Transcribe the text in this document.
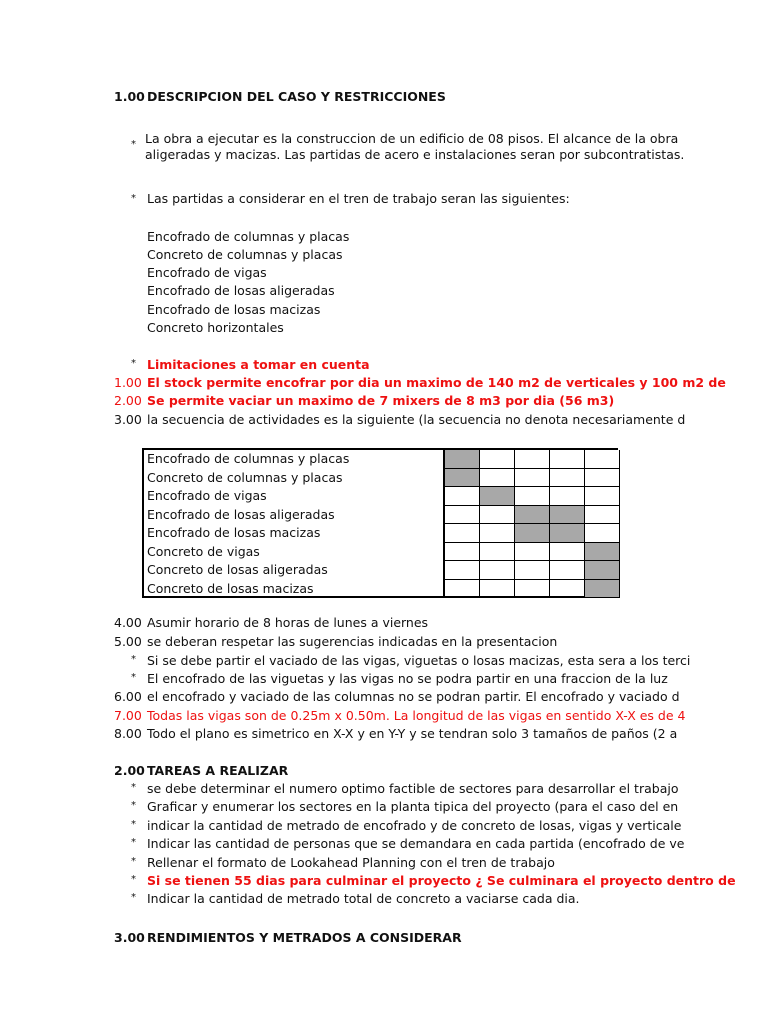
1.00 DESCRIPCION DEL CASO Y RESTRICCIONES
* La obra a ejecutar es la construccion de un edificio de 08 pisos. El alcance de la obra
aligeradas y macizas. Las partidas de acero e instalaciones seran por subcontratistas.
* Las partidas a considerar en el tren de trabajo seran las siguientes:
Encofrado de columnas y placas
Concreto de columnas y placas
Encofrado de vigas
Encofrado de losas aligeradas
Encofrado de losas macizas
Concreto horizontales
* Limitaciones a tomar en cuenta
1.00 El stock permite encofrar por dia un maximo de 140 m2 de verticales y 100 m2 de
2.00 Se permite vaciar un maximo de 7 mixers de 8 m3 por dia (56 m3)
3.00 la secuencia de actividades es la siguiente (la secuencia no denota necesariamente d
Encofrado de columnas y placas
Concreto de columnas y placas
Encofrado de vigas
Encofrado de losas aligeradas
Encofrado de losas macizas
Concreto de vigas
Concreto de losas aligeradas
Concreto de losas macizas
4.00 Asumir horario de 8 horas de lunes a viernes
5.00 se deberan respetar las sugerencias indicadas en la presentacion
* Si se debe partir el vaciado de las vigas, viguetas o losas macizas, esta sera a los terci
* El encofrado de las viguetas y las vigas no se podra partir en una fraccion de la luz
6.00 el encofrado y vaciado de las columnas no se podran partir. El encofrado y vaciado d
7.00 Todas las vigas son de 0.25m x 0.50m. La longitud de las vigas en sentido X-X es de 4
8.00 Todo el plano es simetrico en X-X y en Y-Y y se tendran solo 3 tamaños de paños (2 a
2.00 TAREAS A REALIZAR
* se debe determinar el numero optimo factible de sectores para desarrollar el trabajo
* Graficar y enumerar los sectores en la planta tipica del proyecto (para el caso del en
* indicar la cantidad de metrado de encofrado y de concreto de losas, vigas y verticale
* Indicar las cantidad de personas que se demandara en cada partida (encofrado de ve
* Rellenar el formato de Lookahead Planning con el tren de trabajo
* Si se tienen 55 dias para culminar el proyecto ¿ Se culminara el proyecto dentro de
* Indicar la cantidad de metrado total de concreto a vaciarse cada dia.
3.00 RENDIMIENTOS Y METRADOS A CONSIDERAR
